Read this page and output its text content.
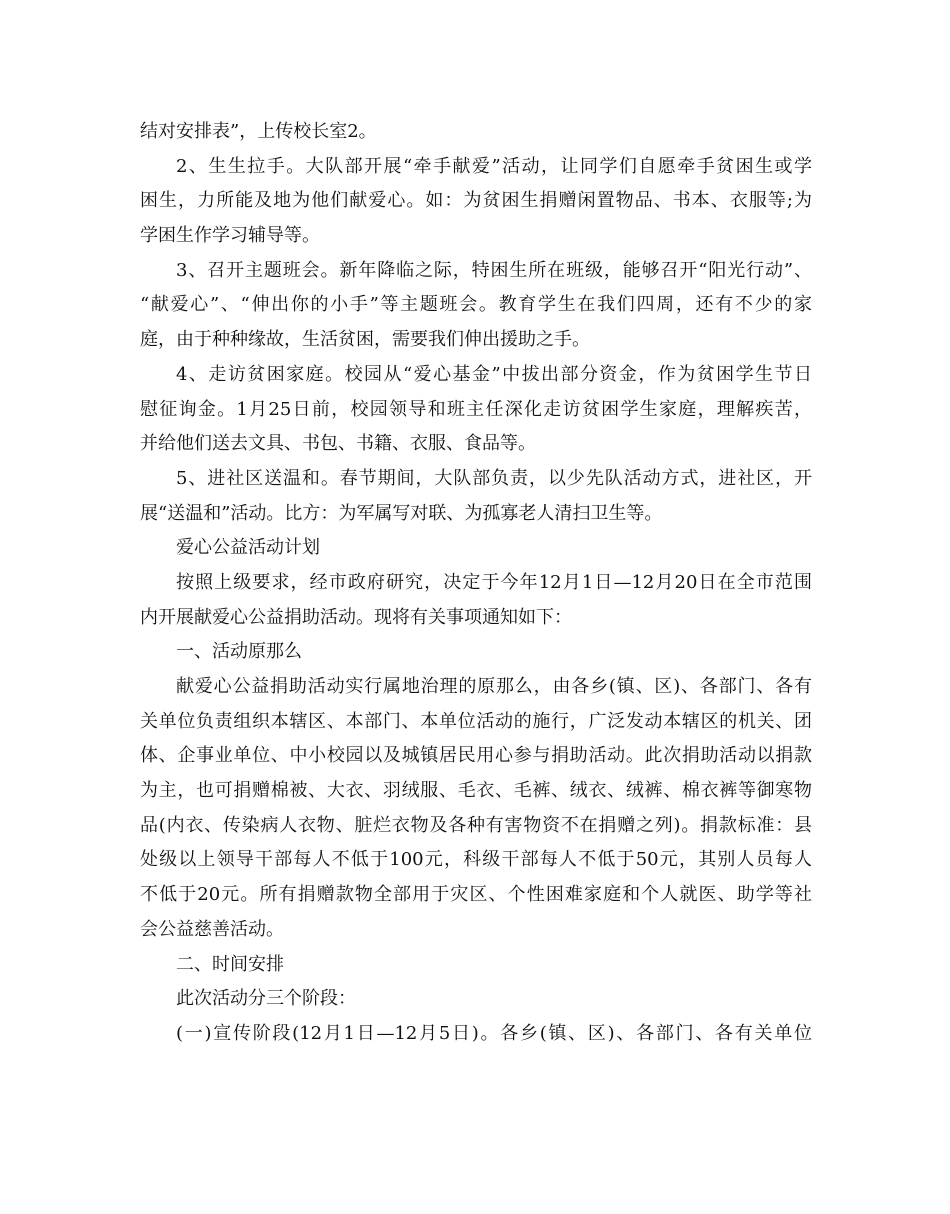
结对安排表”，上传校长室2。
2、生生拉手。大队部开展“牵手献爱”活动，让同学们自愿牵手贫困生或学
困生，力所能及地为他们献爱心。如：为贫困生捐赠闲置物品、书本、衣服等;为
学困生作学习辅导等。
3、召开主题班会。新年降临之际，特困生所在班级，能够召开“阳光行动”、
“献爱心”、“伸出你的小手”等主题班会。教育学生在我们四周，还有不少的家
庭，由于种种缘故，生活贫困，需要我们伸出援助之手。
4、走访贫困家庭。校园从“爱心基金”中拔出部分资金，作为贫困学生节日
慰征询金。1月25日前，校园领导和班主任深化走访贫困学生家庭，理解疾苦，
并给他们送去文具、书包、书籍、衣服、食品等。
5、进社区送温和。春节期间，大队部负责，以少先队活动方式，进社区，开
展“送温和”活动。比方：为军属写对联、为孤寡老人清扫卫生等。
爱心公益活动计划
按照上级要求，经市政府研究，决定于今年12月1日—12月20日在全市范围
内开展献爱心公益捐助活动。现将有关事项通知如下：
一、活动原那么
献爱心公益捐助活动实行属地治理的原那么，由各乡(镇、区)、各部门、各有
关单位负责组织本辖区、本部门、本单位活动的施行，广泛发动本辖区的机关、团
体、企事业单位、中小校园以及城镇居民用心参与捐助活动。此次捐助活动以捐款
为主，也可捐赠棉被、大衣、羽绒服、毛衣、毛裤、绒衣、绒裤、棉衣裤等御寒物
品(内衣、传染病人衣物、脏烂衣物及各种有害物资不在捐赠之列)。捐款标准：县
处级以上领导干部每人不低于100元，科级干部每人不低于50元，其别人员每人
不低于20元。所有捐赠款物全部用于灾区、个性困难家庭和个人就医、助学等社
会公益慈善活动。
二、时间安排
此次活动分三个阶段：
(一)宣传阶段(12月1日—12月5日)。各乡(镇、区)、各部门、各有关单位
